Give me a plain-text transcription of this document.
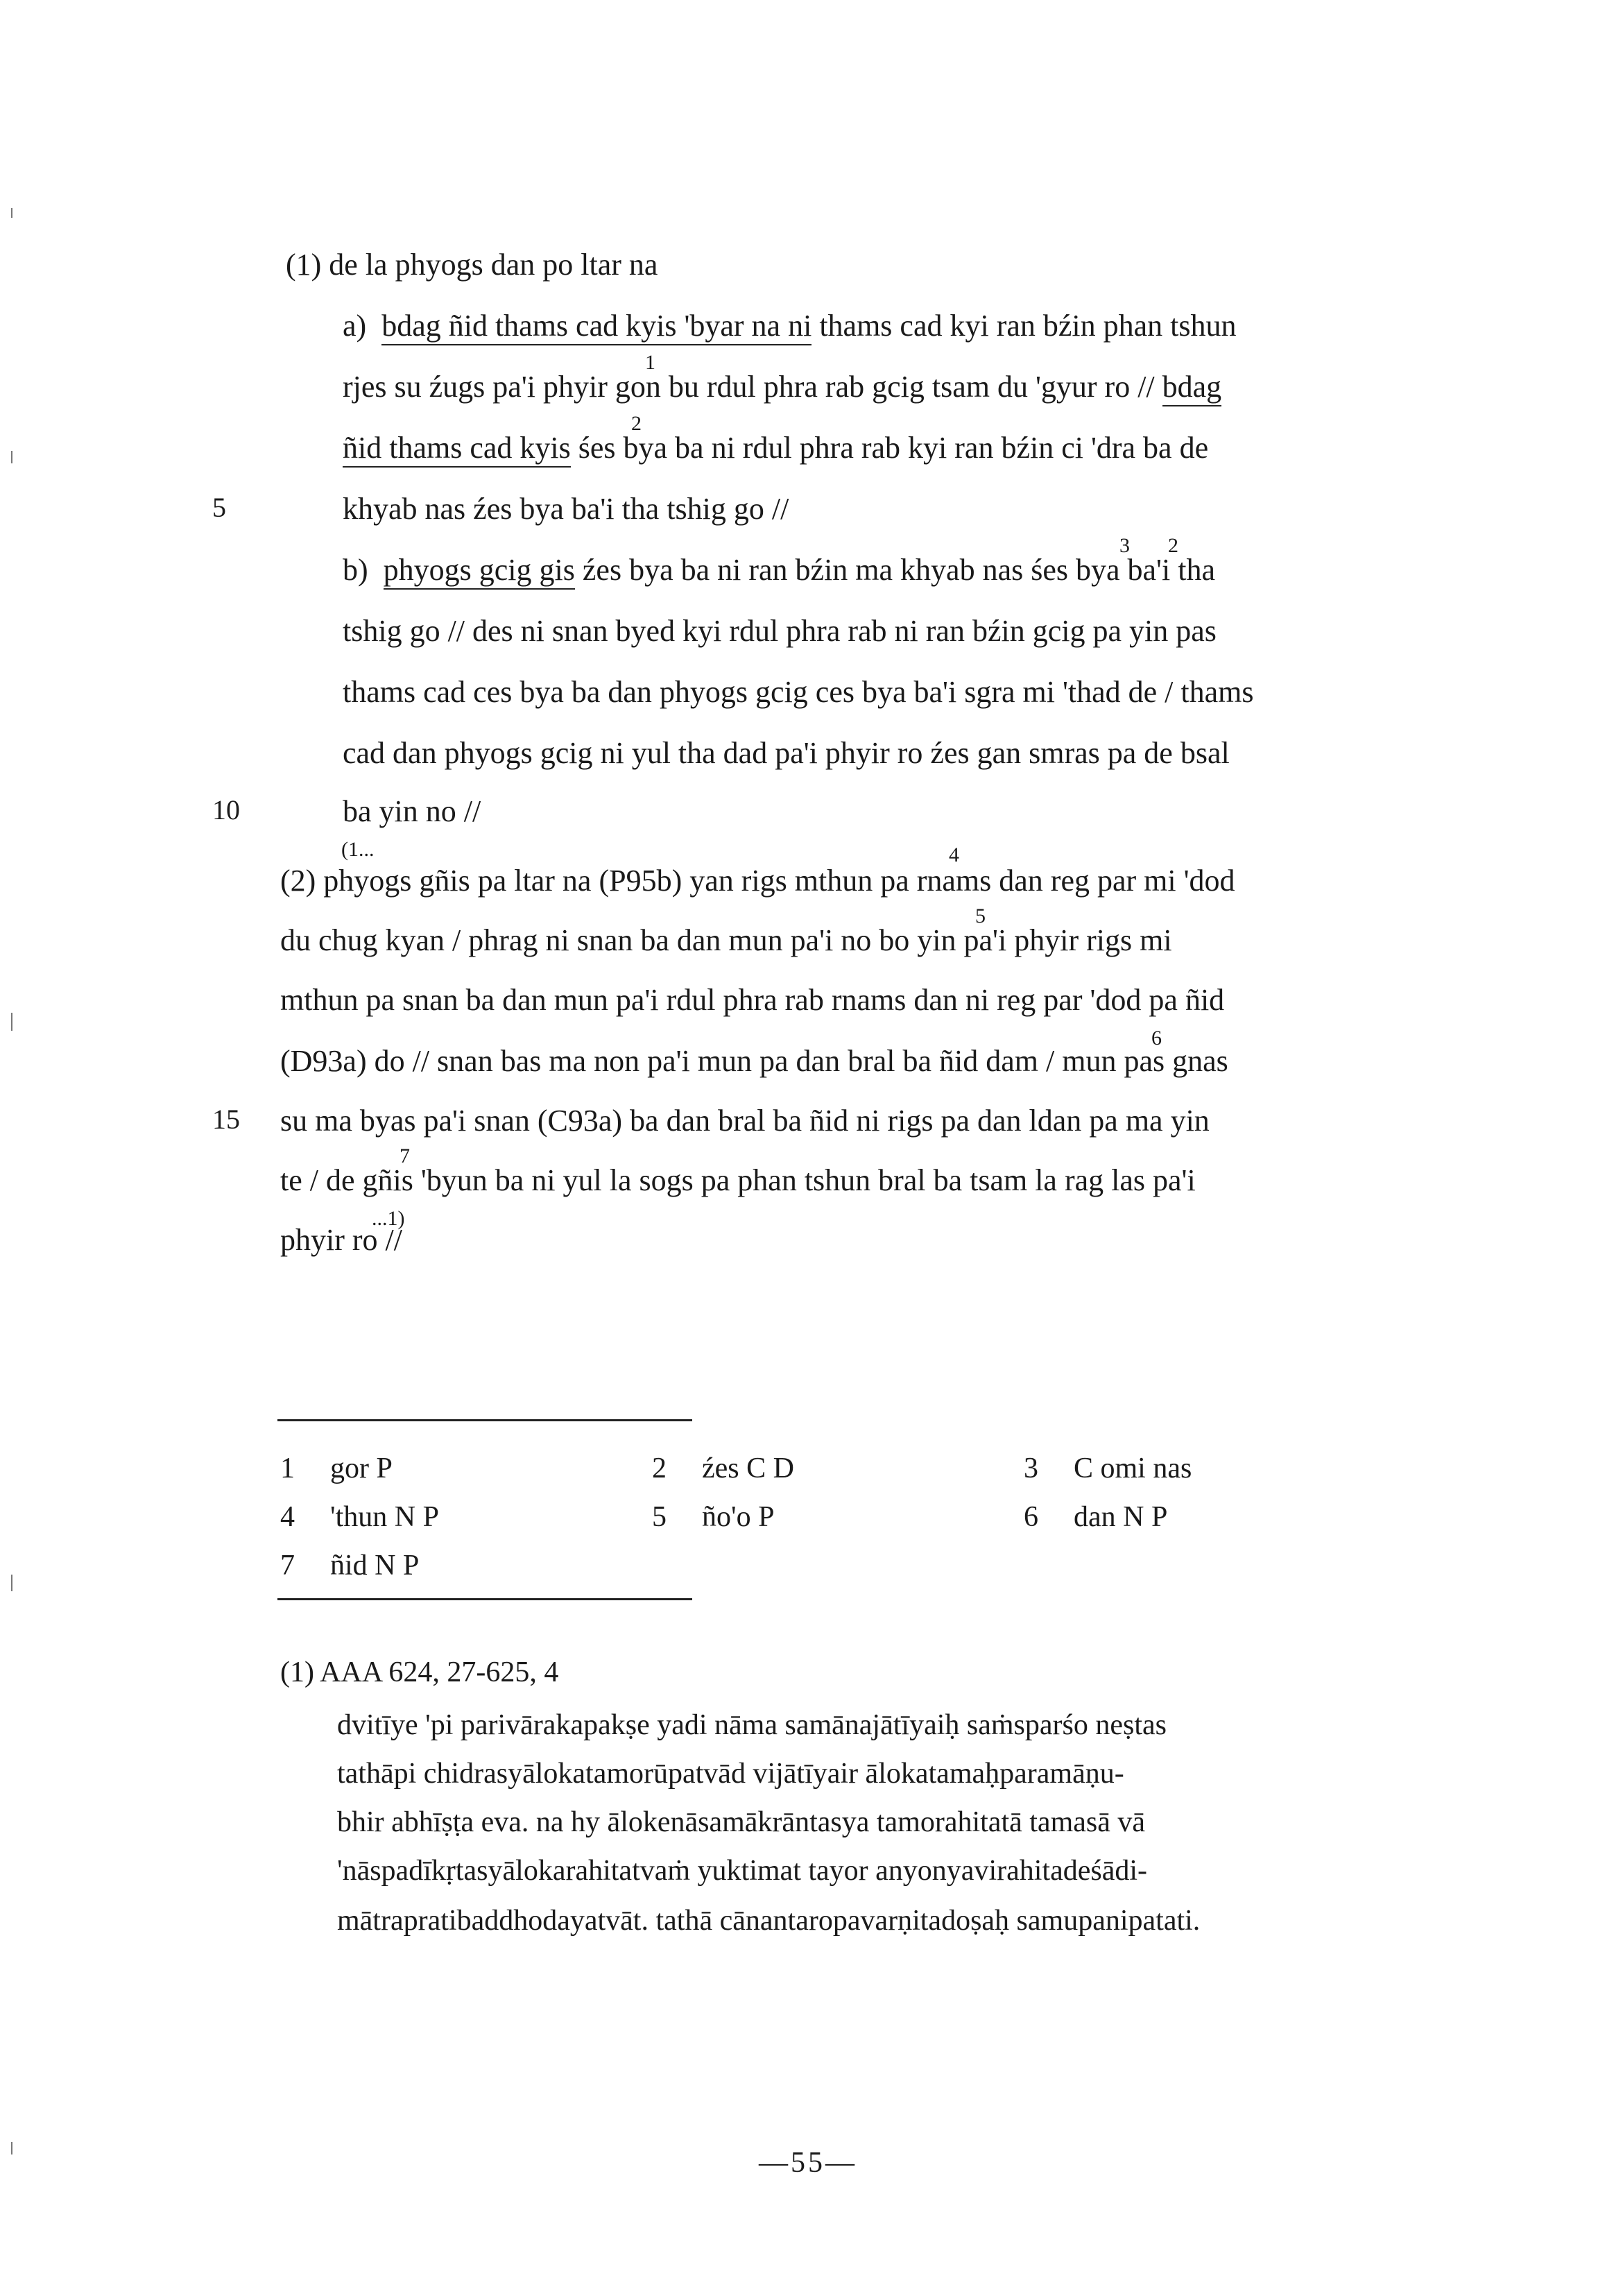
(1) de la phyogs dan po ltar na
a) bdag ñid thams cad kyis 'byar na ni thams cad kyi ran bźin phan tshun
1
rjes su źugs pa'i phyir gon bu rdul phra rab gcig tsam du 'gyur ro // bdag
2
ñid thams cad kyis śes bya ba ni rdul phra rab kyi ran bźin ci 'dra ba de
5	khyab nas źes bya ba'i tha tshig go //
3 2
b) phyogs gcig gis źes bya ba ni ran bźin ma khyab nas śes bya ba'i tha
tshig go // des ni snan byed kyi rdul phra rab ni ran bźin gcig pa yin pas
thams cad ces bya ba dan phyogs gcig ces bya ba'i sgra mi 'thad de / thams
cad dan phyogs gcig ni yul tha dad pa'i phyir ro źes gan smras pa de bsal
10	ba yin no //
(1...	4
(2) phyogs gñis pa ltar na (P95b) yan rigs mthun pa rnams dan reg par mi 'dod
5
du chug kyan / phrag ni snan ba dan mun pa'i no bo yin pa'i phyir rigs mi
mthun pa snan ba dan mun pa'i rdul phra rab rnams dan ni reg par 'dod pa ñid
6
(D93a) do // snan bas ma non pa'i mun pa dan bral ba ñid dam / mun pas gnas
15 su ma byas pa'i snan (C93a) ba dan bral ba ñid ni rigs pa dan ldan pa ma yin
7
te / de gñis 'byun ba ni yul la sogs pa phan tshun bral ba tsam la rag las pa'i
...1)
phyir ro //
1 gor P	2 źes C D	3 C omi nas
4 'thun N P	5 ño'o P	6 dan N P
7 ñid N P
(1) AAA 624, 27-625, 4
dvitīye 'pi parivārakapakṣe yadi nāma samānajātīyaiḥ saṁsparśo neṣtas
tathāpi chidrasyālokatamorūpatvād vijātīyair ālokatamaḥparamāṇu-
bhir abhīṣṭa eva. na hy ālokenāsamākrāntasya tamorahitatā tamasā vā
'nāspadīkṛtasyālokarahitatvaṁ yuktimat tayor anyonyavirahitadeśādi-
mātrapratibaddhodayatvāt. tathā cānantaropavarṇitadoṣaḥ samupanipatati.
—55—
